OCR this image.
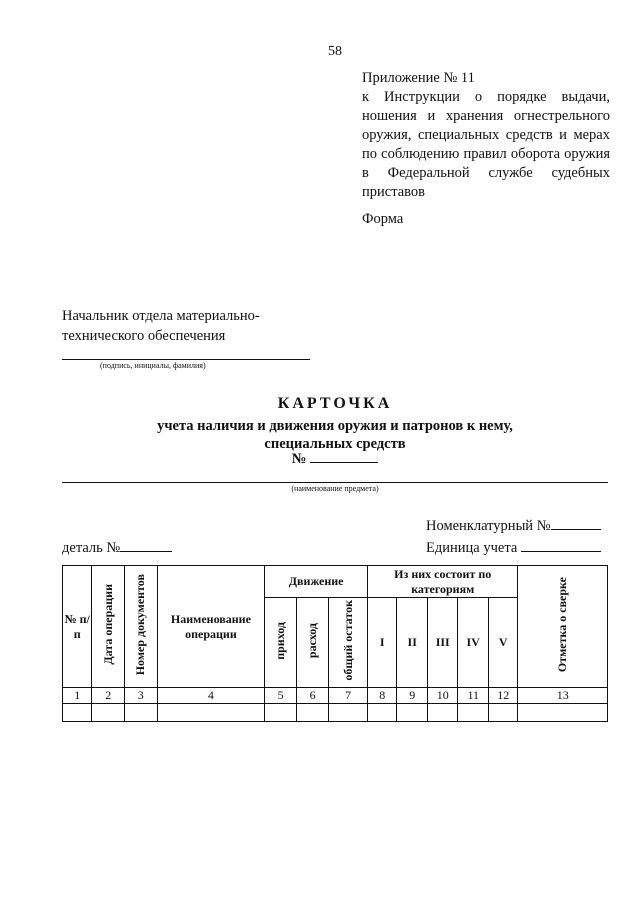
58
Приложение № 11
к Инструкции о порядке выдачи, ношения и хранения огнестрельного оружия, специальных средств и мерах по соблюдению правил оборота оружия в Федеральной службе судебных приставов
Форма
Начальник отдела материально-технического обеспечения
(подпись, инициалы, фамилия)
КАРТОЧКА
учета наличия и движения оружия и патронов к нему,
специальных средств
№
(наименование предмета)
Номенклатурный №
Единица учета
деталь №
№ п/п	Дата операции	Номер документов	Наименование операции	Движение			Из них состоит по категориям					Отметка о сверке
				приход	расход	общий остаток	I	II	III	IV	V	
1	2	3	4	5	6	7	8	9	10	11	12	13
